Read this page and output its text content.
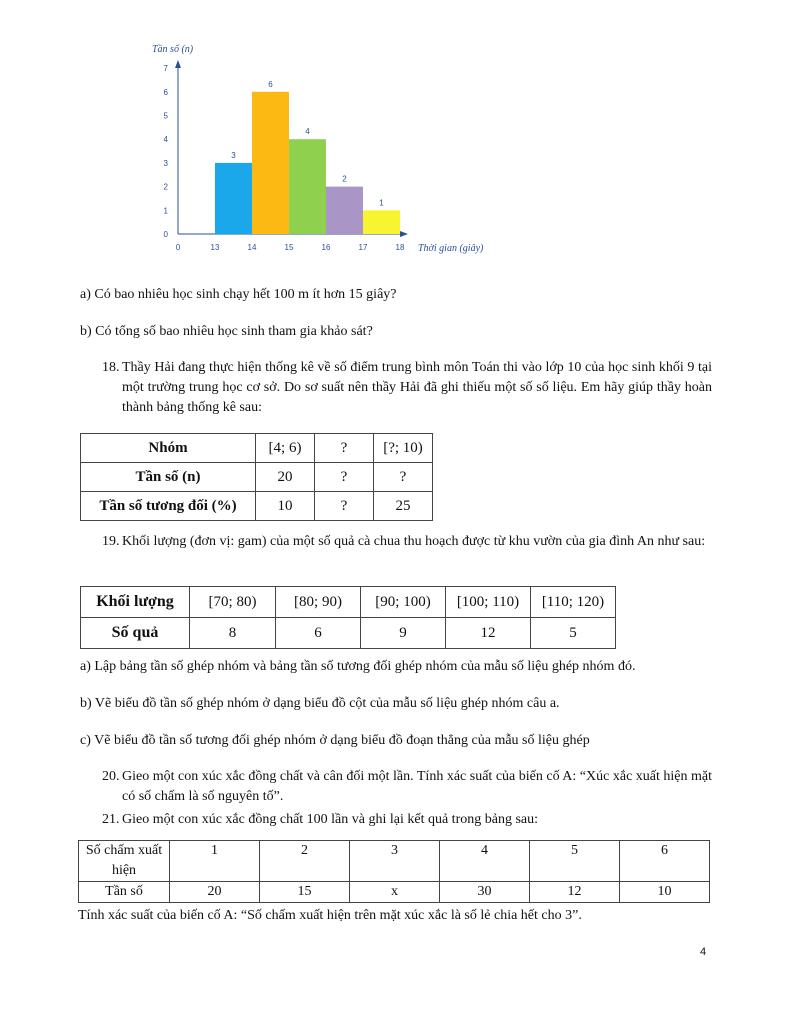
Tần số (n)
Thời gian (giây)
3
6
4
2
1
0
1
2
3
4
5
6
7
0	13	14	15	16	17	18

a) Có bao nhiêu học sinh chạy hết 100 m ít hơn 15 giây?

b) Có tổng số bao nhiêu học sinh tham gia khảo sát?

18. Thầy Hải đang thực hiện thống kê về số điểm trung bình môn Toán thi vào lớp 10 của học sinh khối 9 tại một trường trung học cơ sở. Do sơ suất nên thầy Hải đã ghi thiếu một số số liệu. Em hãy giúp thầy hoàn thành bảng thống kê sau:
Nhóm	[4; 6)	?	[?; 10)
Tần số (n)	20	?	?
Tần số tương đối (%)	10	?	25
19. Khối lượng (đơn vị: gam) của một số quả cà chua thu hoạch được từ khu vườn của gia đình An như sau:
Khối lượng	[70; 80)	[80; 90)	[90; 100)	[100; 110)	[110; 120)
Số quả	8	6	9	12	5

a) Lập bảng tần số ghép nhóm và bảng tần số tương đối ghép nhóm của mẫu số liệu ghép nhóm đó.

b) Vẽ biểu đồ tần số ghép nhóm ở dạng biểu đồ cột của mẫu số liệu ghép nhóm câu a.

c) Vẽ biểu đồ tần số tương đối ghép nhóm ở dạng biểu đồ đoạn thẳng của mẫu số liệu ghép

20. Gieo một con xúc xắc đồng chất và cân đối một lần. Tính xác suất của biến cố A: “Xúc xắc xuất hiện mặt có số chấm là số nguyên tố”.
21. Gieo một con xúc xắc đồng chất 100 lần và ghi lại kết quả trong bảng sau:
Số chấm xuất hiện	1	2	3	4	5	6
Tần số	20	15	x	30	12	10

Tính xác suất của biến cố A: “Số chấm xuất hiện trên mặt xúc xắc là số lẻ chia hết cho 3”.

4
